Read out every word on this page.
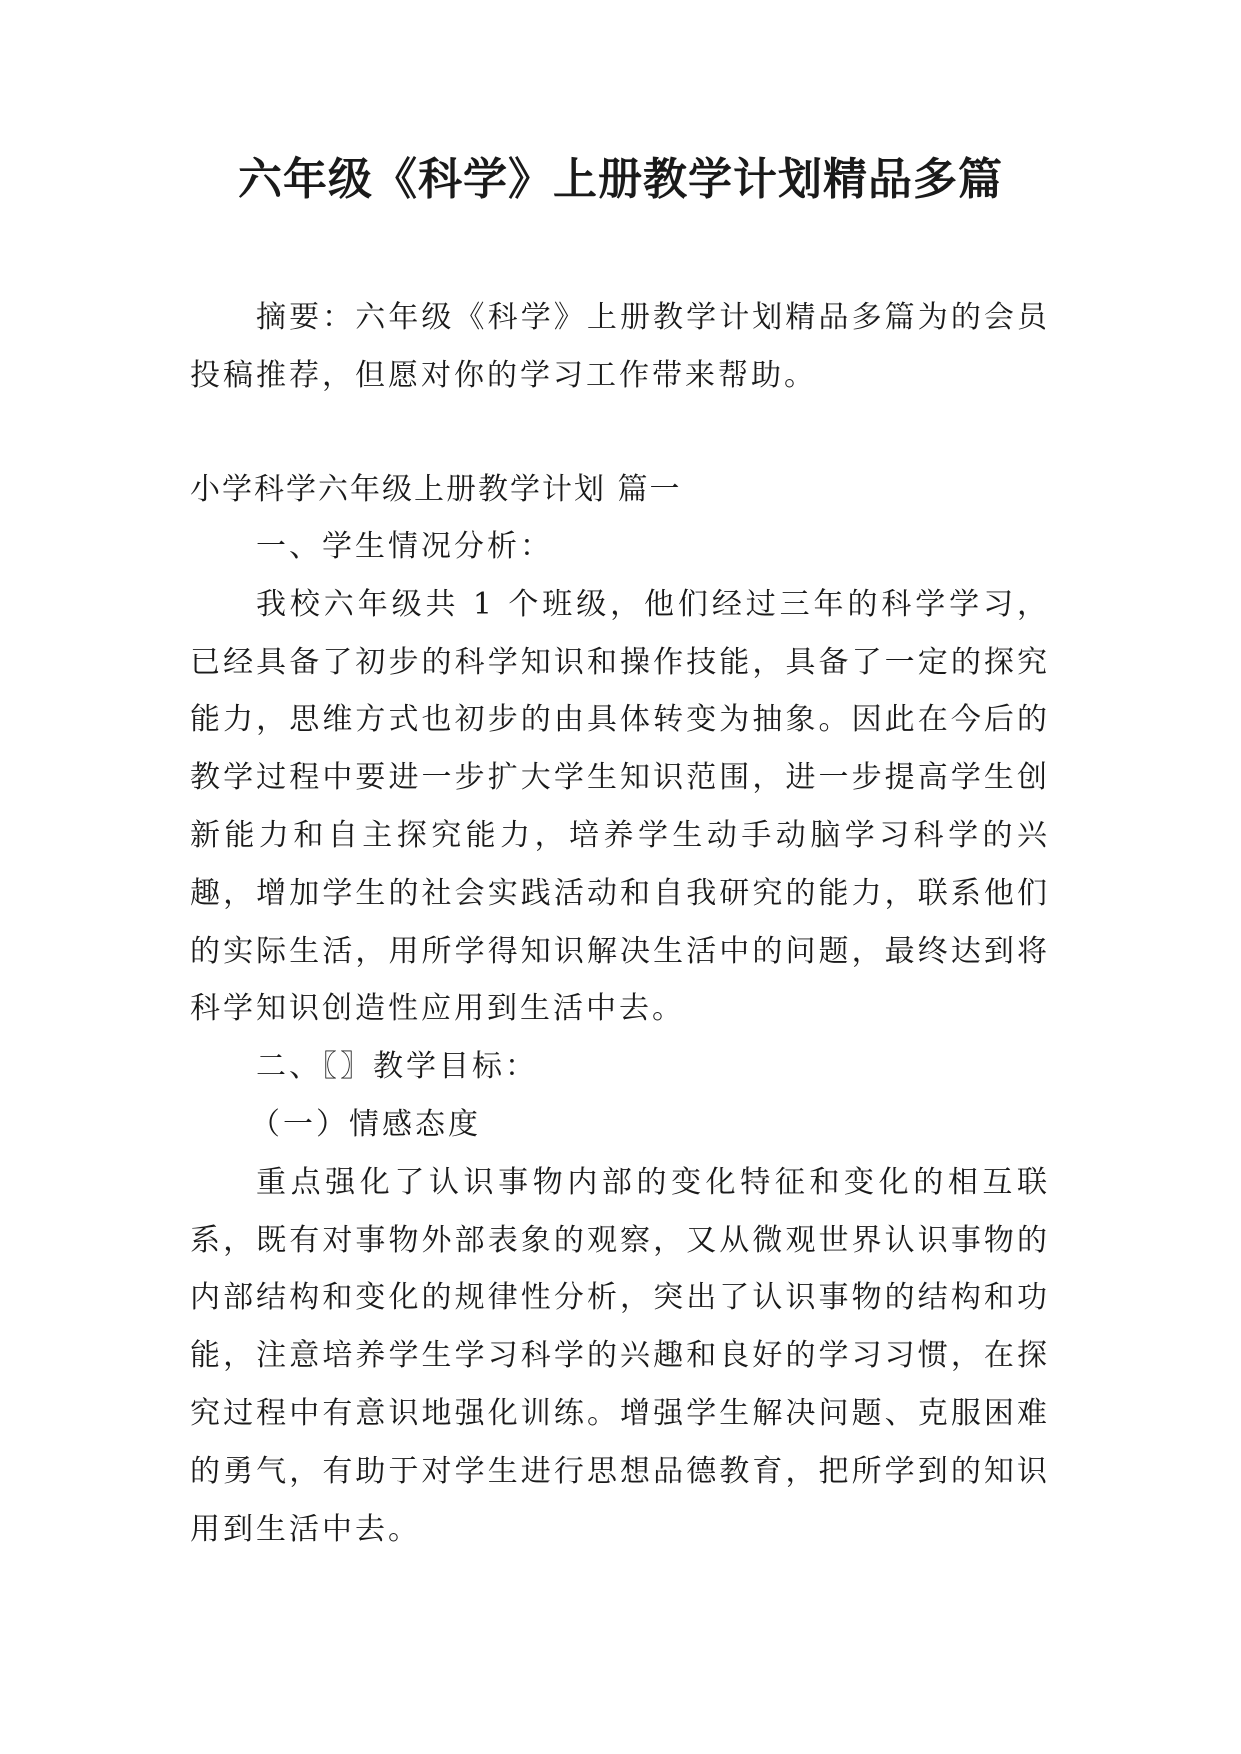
六年级《科学》上册教学计划精品多篇

摘要：六年级《科学》上册教学计划精品多篇为的会员投稿推荐，但愿对你的学习工作带来帮助。

小学科学六年级上册教学计划 篇一

一、学生情况分析：

我校六年级共 1 个班级，他们经过三年的科学学习，已经具备了初步的科学知识和操作技能，具备了一定的探究能力，思维方式也初步的由具体转变为抽象。因此在今后的教学过程中要进一步扩大学生知识范围，进一步提高学生创新能力和自主探究能力，培养学生动手动脑学习科学的兴趣，增加学生的社会实践活动和自我研究的能力，联系他们的实际生活，用所学得知识解决生活中的问题，最终达到将科学知识创造性应用到生活中去。

二、〖〗教学目标：

（一）情感态度

重点强化了认识事物内部的变化特征和变化的相互联系，既有对事物外部表象的观察，又从微观世界认识事物的内部结构和变化的规律性分析，突出了认识事物的结构和功能，注意培养学生学习科学的兴趣和良好的学习习惯，在探究过程中有意识地强化训练。增强学生解决问题、克服困难的勇气，有助于对学生进行思想品德教育，把所学到的知识用到生活中去。
